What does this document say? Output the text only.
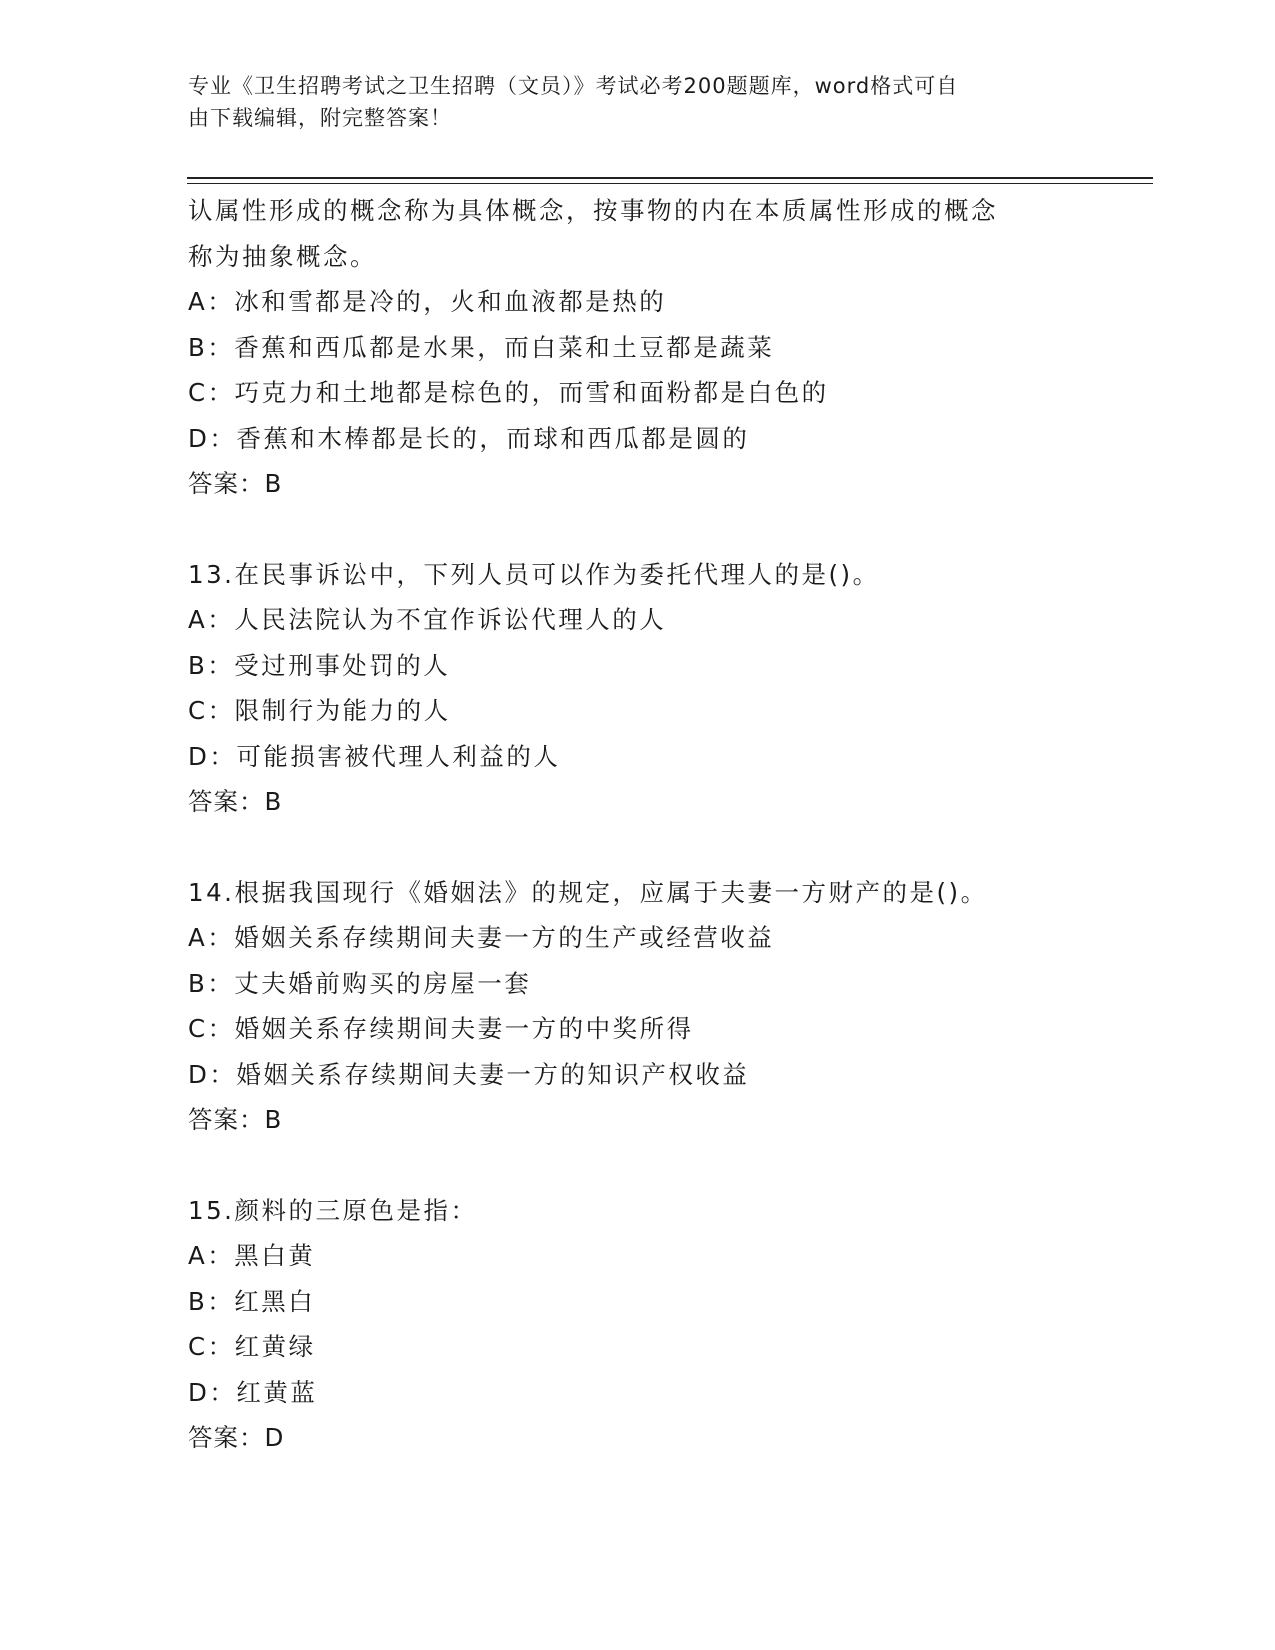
专业《卫生招聘考试之卫生招聘（文员）》考试必考200题题库，word格式可自
由下载编辑，附完整答案！
认属性形成的概念称为具体概念，按事物的内在本质属性形成的概念
称为抽象概念。
A：冰和雪都是冷的，火和血液都是热的
B：香蕉和西瓜都是水果，而白菜和土豆都是蔬菜
C：巧克力和土地都是棕色的，而雪和面粉都是白色的
D：香蕉和木棒都是长的，而球和西瓜都是圆的
答案：B
13.在民事诉讼中，下列人员可以作为委托代理人的是()。
A：人民法院认为不宜作诉讼代理人的人
B：受过刑事处罚的人
C：限制行为能力的人
D：可能损害被代理人利益的人
答案：B
14.根据我国现行《婚姻法》的规定，应属于夫妻一方财产的是()。
A：婚姻关系存续期间夫妻一方的生产或经营收益
B：丈夫婚前购买的房屋一套
C：婚姻关系存续期间夫妻一方的中奖所得
D：婚姻关系存续期间夫妻一方的知识产权收益
答案：B
15.颜料的三原色是指：
A：黑白黄
B：红黑白
C：红黄绿
D：红黄蓝
答案：D
